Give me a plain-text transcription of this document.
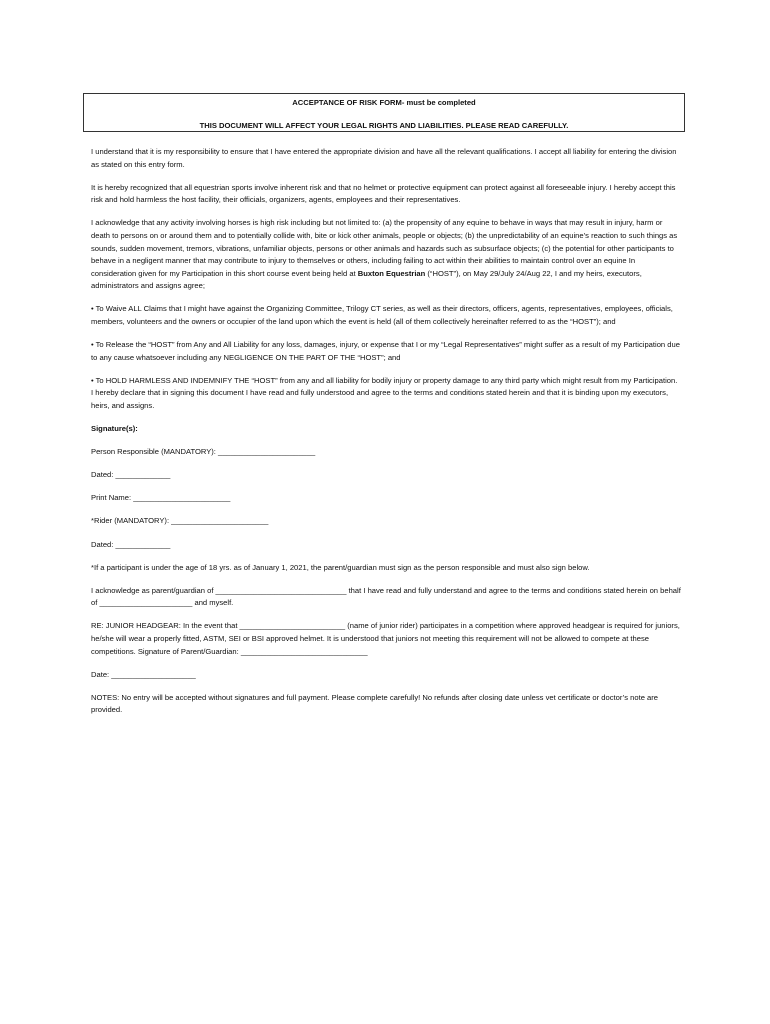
ACCEPTANCE OF RISK FORM- must be completed
THIS DOCUMENT WILL AFFECT YOUR LEGAL RIGHTS AND LIABILITIES. PLEASE READ CAREFULLY.

I understand that it is my responsibility to ensure that I have entered the appropriate division and have all the relevant qualifications. I accept all liability for entering the division as stated on this entry form.

It is hereby recognized that all equestrian sports involve inherent risk and that no helmet or protective equipment can protect against all foreseeable injury. I hereby accept this risk and hold harmless the host facility, their officials, organizers, agents, employees and their representatives.

I acknowledge that any activity involving horses is high risk including but not limited to: (a) the propensity of any equine to behave in ways that may result in injury, harm or death to persons on or around them and to potentially collide with, bite or kick other animals, people or objects; (b) the unpredictability of an equine’s reaction to such things as sounds, sudden movement, tremors, vibrations, unfamiliar objects, persons or other animals and hazards such as subsurface objects; (c) the potential for other participants to behave in a negligent manner that may contribute to injury to themselves or others, including failing to act within their abilities to maintain control over an equine In consideration given for my Participation in this short course event being held at Buxton Equestrian (“HOST”), on May 29/July 24/Aug 22, I and my heirs, executors, administrators and assigns agree;

• To Waive ALL Claims that I might have against the Organizing Committee, Trilogy CT series, as well as their directors, officers, agents, representatives, employees, officials, members, volunteers and the owners or occupier of the land upon which the event is held (all of them collectively hereinafter referred to as the “HOST”); and

• To Release the “HOST” from Any and All Liability for any loss, damages, injury, or expense that I or my “Legal Representatives” might suffer as a result of my Participation due to any cause whatsoever including any NEGLIGENCE ON THE PART OF THE “HOST”; and

• To HOLD HARMLESS AND INDEMNIFY THE “HOST” from any and all liability for bodily injury or property damage to any third party which might result from my Participation. I hereby declare that in signing this document I have read and fully understood and agree to the terms and conditions stated herein and that it is binding upon my executors, heirs, and assigns.

Signature(s):

Person Responsible (MANDATORY): _______________________

Dated: _____________

Print Name: _______________________

*Rider (MANDATORY): _______________________

Dated: _____________

*If a participant is under the age of 18 yrs. as of January 1, 2021, the parent/guardian must sign as the person responsible and must also sign below.

I acknowledge as parent/guardian of _______________________________ that I have read and fully understand and agree to the terms and conditions stated herein on behalf of ______________________ and myself.

RE: JUNIOR HEADGEAR: In the event that _________________________ (name of junior rider) participates in a competition where approved headgear is required for juniors, he/she will wear a properly fitted, ASTM, SEI or BSI approved helmet. It is understood that juniors not meeting this requirement will not be allowed to compete at these competitions. Signature of Parent/Guardian: ______________________________

Date: ____________________

NOTES: No entry will be accepted without signatures and full payment. Please complete carefully! No refunds after closing date unless vet certificate or doctor’s note are provided.
